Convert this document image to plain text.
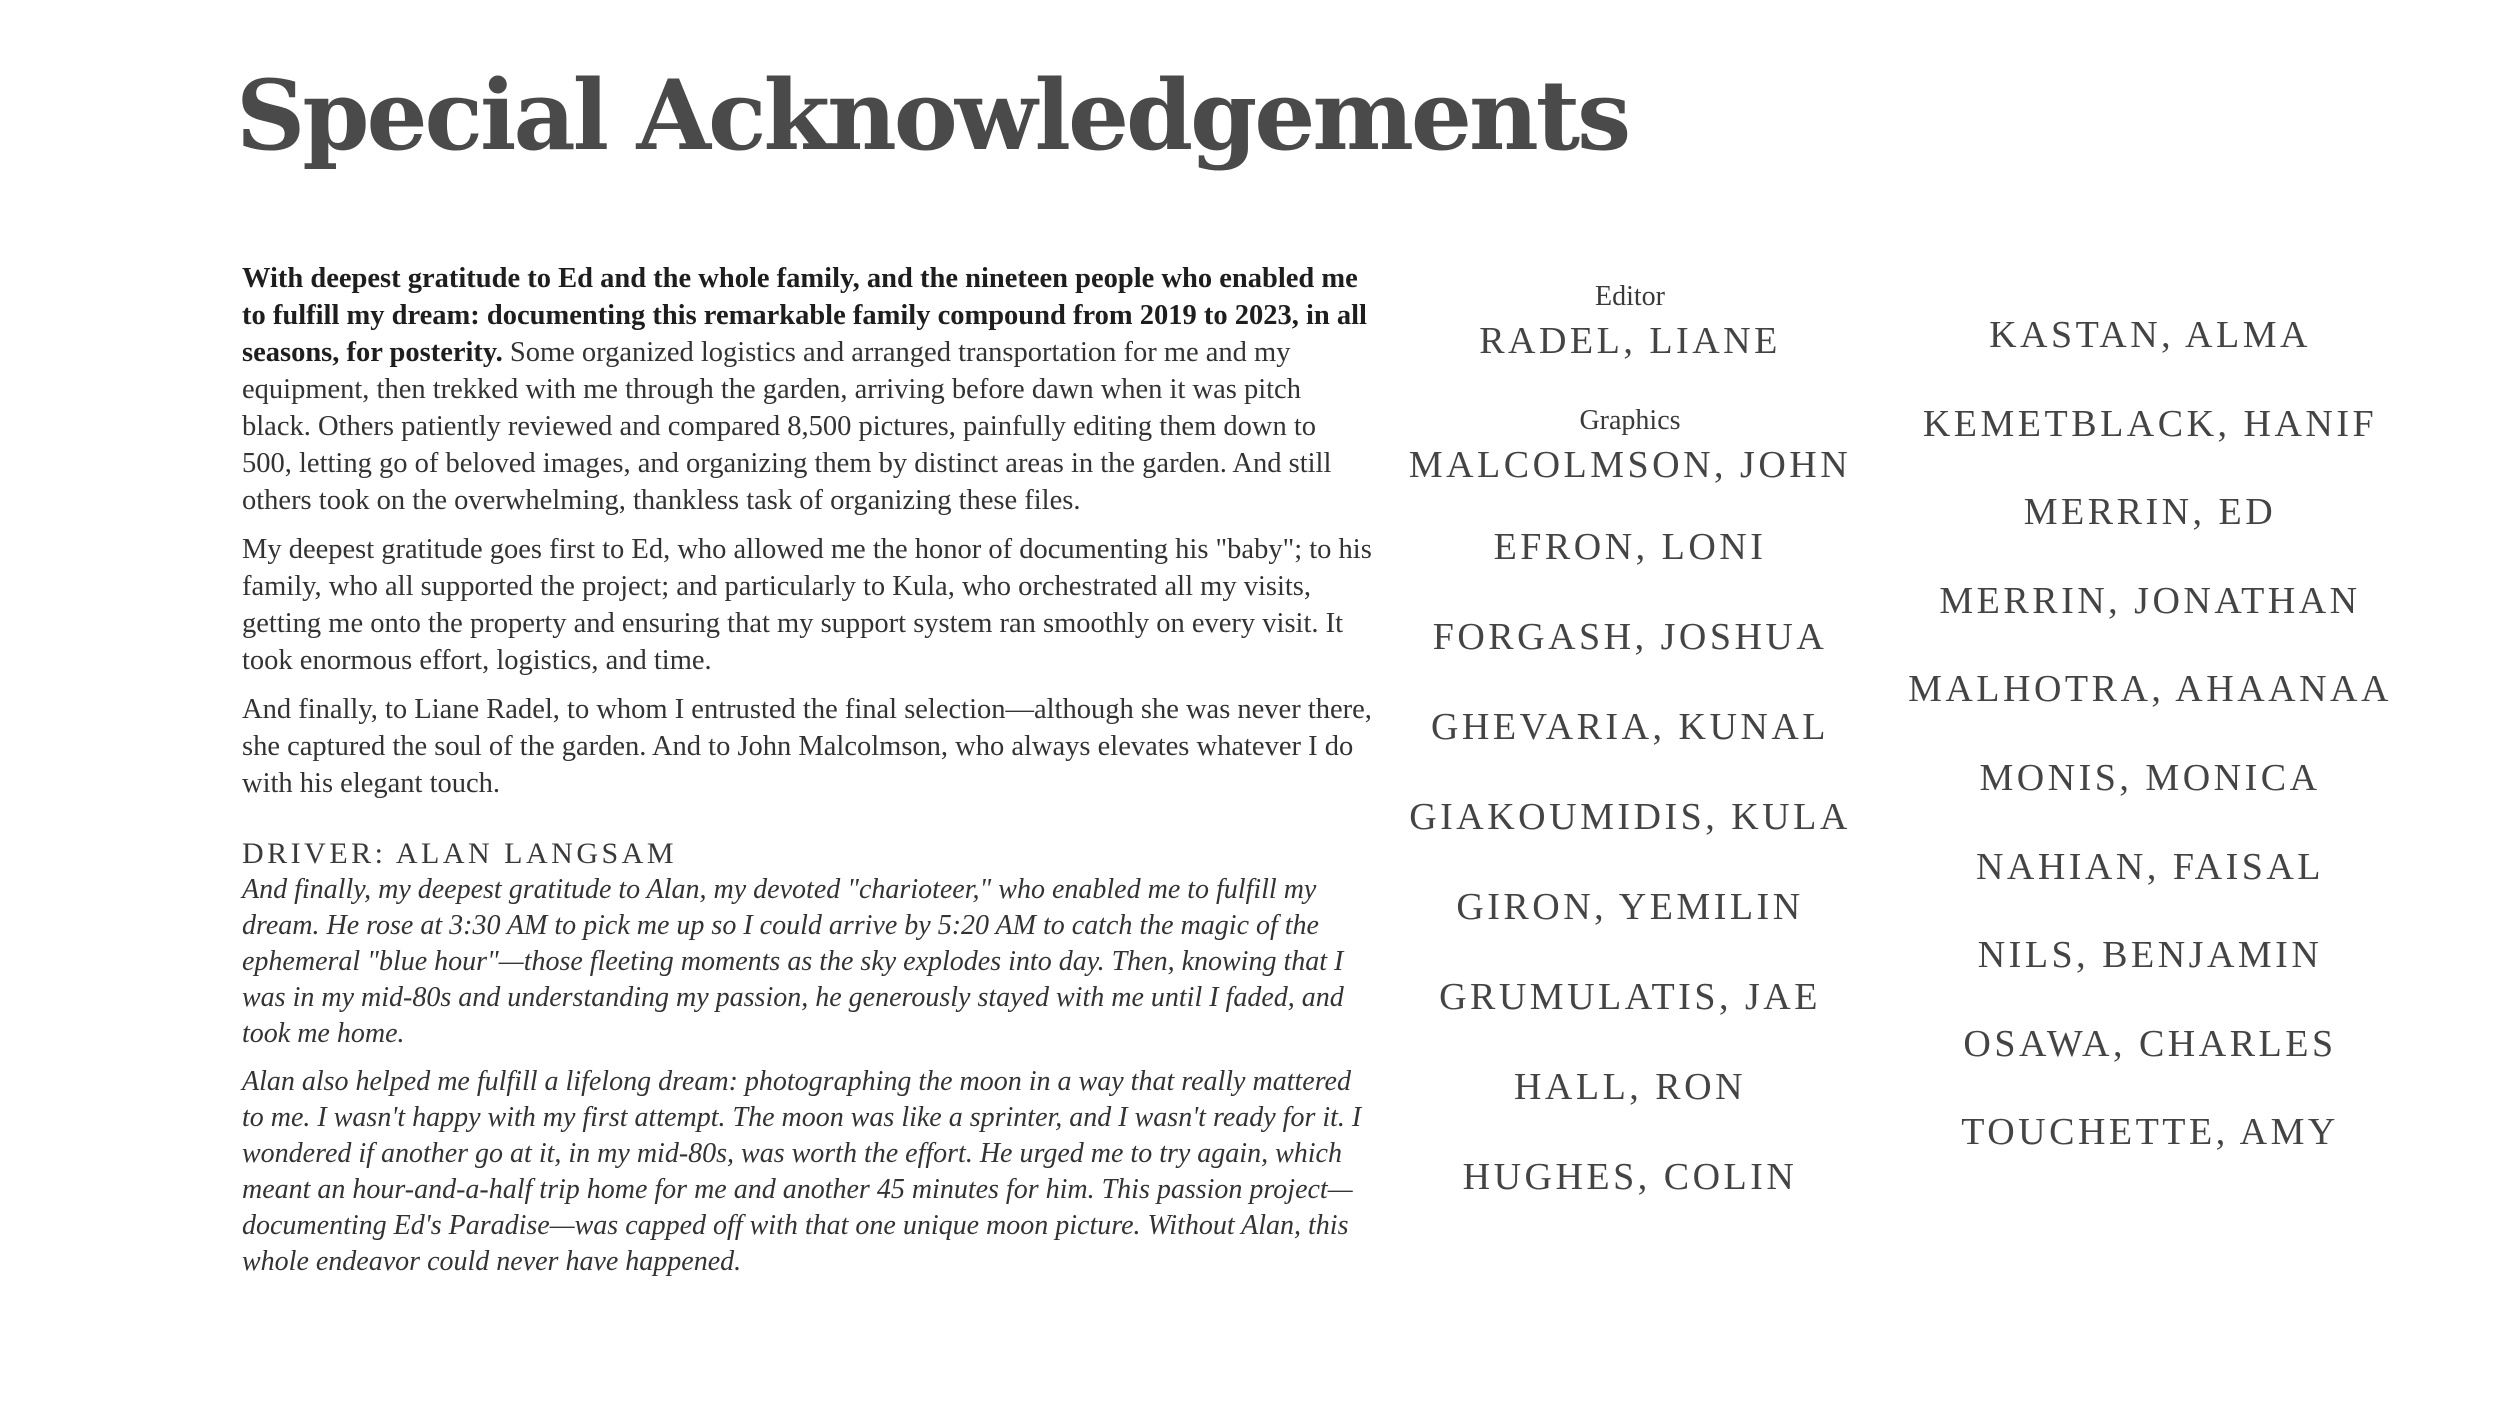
Special Acknowledgements

With deepest gratitude to Ed and the whole family, and the nineteen people who enabled me to fulfill my dream: documenting this remarkable family compound from 2019 to 2023, in all seasons, for posterity. Some organized logistics and arranged transportation for me and my equipment, then trekked with me through the garden, arriving before dawn when it was pitch black. Others patiently reviewed and compared 8,500 pictures, painfully editing them down to 500, letting go of beloved images, and organizing them by distinct areas in the garden. And still others took on the overwhelming, thankless task of organizing these files.

My deepest gratitude goes first to Ed, who allowed me the honor of documenting his "baby"; to his family, who all supported the project; and particularly to Kula, who orchestrated all my visits, getting me onto the property and ensuring that my support system ran smoothly on every visit. It took enormous effort, logistics, and time.

And finally, to Liane Radel, to whom I entrusted the final selection—although she was never there, she captured the soul of the garden. And to John Malcolmson, who always elevates whatever I do with his elegant touch.

DRIVER: ALAN LANGSAM

And finally, my deepest gratitude to Alan, my devoted "charioteer," who enabled me to fulfill my dream. He rose at 3:30 AM to pick me up so I could arrive by 5:20 AM to catch the magic of the ephemeral "blue hour"—those fleeting moments as the sky explodes into day. Then, knowing that I was in my mid-80s and understanding my passion, he generously stayed with me until I faded, and took me home.

Alan also helped me fulfill a lifelong dream: photographing the moon in a way that really mattered to me. I wasn't happy with my first attempt. The moon was like a sprinter, and I wasn't ready for it. I wondered if another go at it, in my mid-80s, was worth the effort. He urged me to try again, which meant an hour-and-a-half trip home for me and another 45 minutes for him. This passion project—documenting Ed's Paradise—was capped off with that one unique moon picture. Without Alan, this whole endeavor could never have happened.

Editor
RADEL, LIANE
Graphics
MALCOLMSON, JOHN
EFRON, LONI
FORGASH, JOSHUA
GHEVARIA, KUNAL
GIAKOUMIDIS, KULA
GIRON, YEMILIN
GRUMULATIS, JAE
HALL, RON
HUGHES, COLIN
KASTAN, ALMA
KEMETBLACK, HANIF
MERRIN, ED
MERRIN, JONATHAN
MALHOTRA, AHAANAA
MONIS, MONICA
NAHIAN, FAISAL
NILS, BENJAMIN
OSAWA, CHARLES
TOUCHETTE, AMY
